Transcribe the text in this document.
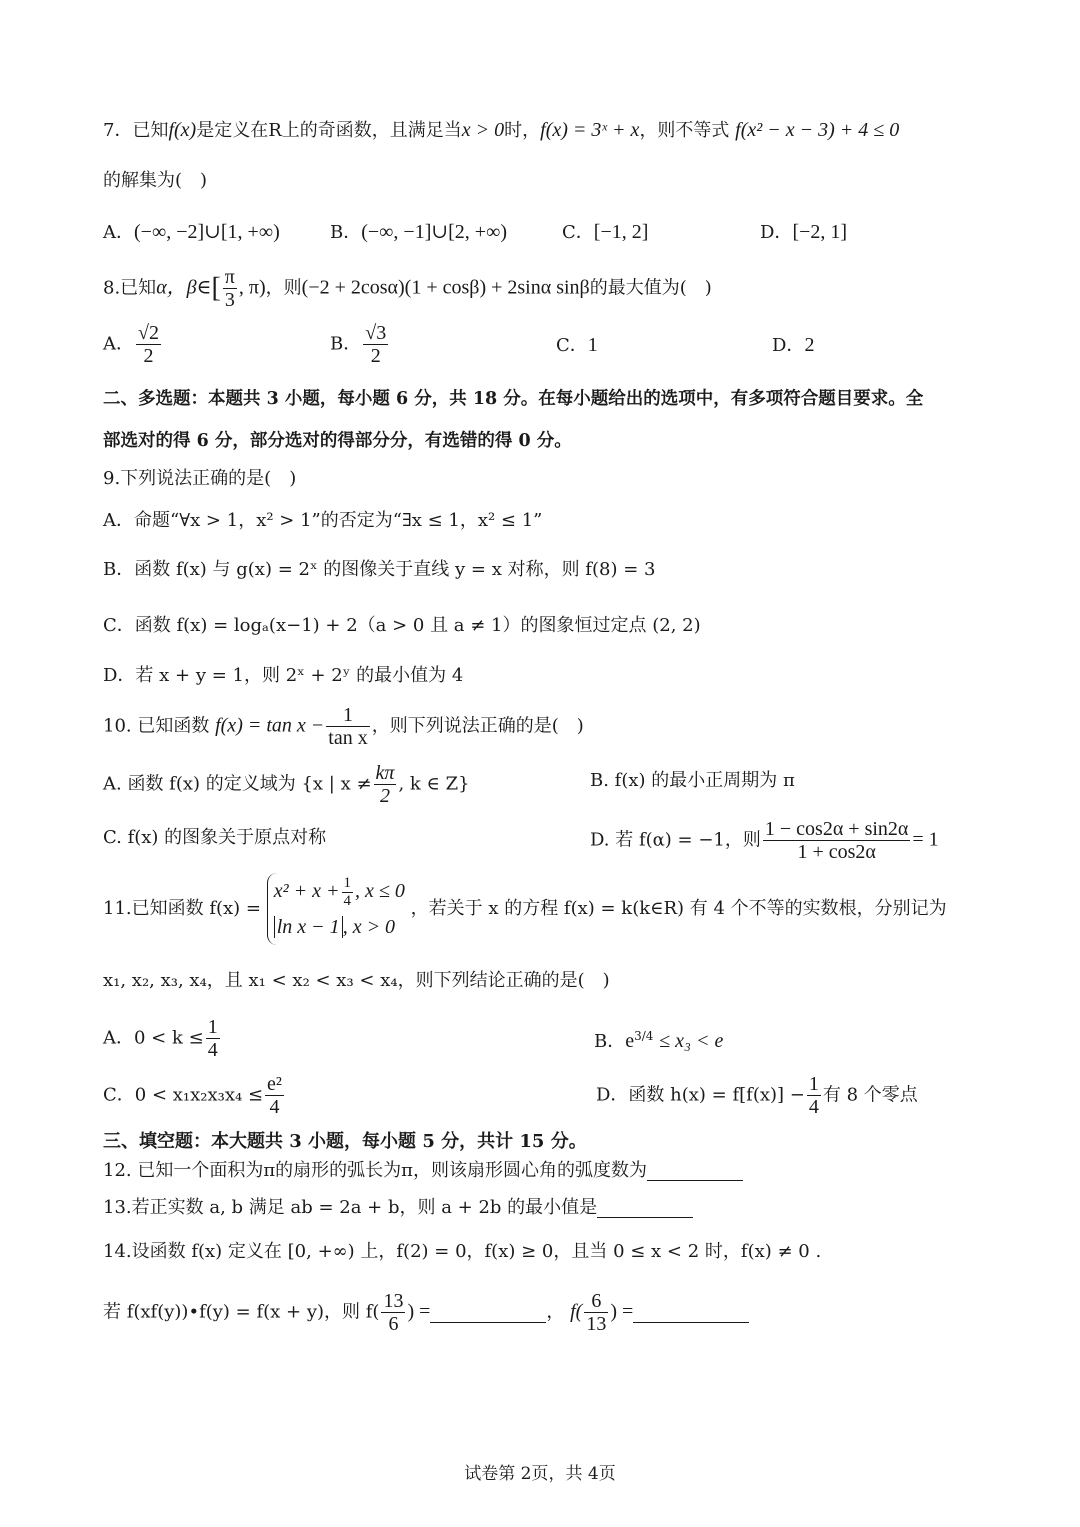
7．已知f(x)是定义在R上的奇函数，且满足当x > 0时，f(x) = 3ˣ + x，则不等式 f(x² − x − 3) + 4 ≤ 0
的解集为(　)
A．(−∞, −2]∪[1, +∞)	B．(−∞, −1]∪[2, +∞)	C．[−1, 2]	D．[−2, 1]
8.已知α，β∈[ $\frac{\pi}{3}$ , π)，则(−2 + 2cosα)(1 + cosβ) + 2sinα sinβ的最大值为(　)
A． $\frac{√2}{2}$	B． $\frac{√3}{2}$	C．1	D．2
二、多选题：本题共 3 小题，每小题 6 分，共 18 分。在每小题给出的选项中，有多项符合题目要求。全
部选对的得 6 分，部分选对的得部分分，有选错的得 0 分。
9.下列说法正确的是(　)
A．命题“∀x > 1，x² > 1”的否定为“∃x ≤ 1，x² ≤ 1”
B．函数 f(x) 与 g(x) = 2ˣ 的图像关于直线 y = x 对称，则 f(8) = 3
C．函数 f(x) = logₐ(x−1) + 2（a > 0 且 a ≠ 1）的图象恒过定点 (2, 2)
D．若 x + y = 1，则 2ˣ + 2ʸ 的最小值为 4
10. 已知函数 $f(x) = \tan x - \frac{1}{\text{tan x}}$ ，则下列说法正确的是(　)
A. 函数 f(x) 的定义域为 {x | $x \ne \frac{k\pi}{2}$ , k ∈ Z}	B. f(x) 的最小正周期为 π
C. f(x) 的图象关于原点对称	D. 若 f(α) = −1，则 $\frac{1 - \cos 2\alpha + \sin 2\alpha}{1 + \cos 2\alpha} = 1$
11.已知函数 f(x) =
$x^2 + x + \frac{1}{4}$ , x ≤ 0
ln x − 1 , x > 0
，若关于 x 的方程 f(x) = k(k∈R) 有 4 个不等的实数根，分别记为
x₁, x₂, x₃, x₄，且 x₁ < x₂ < x₃ < x₄，则下列结论正确的是(　)
A．$0 < k \le \frac{1}{4}$	B．$e^{3/4} \le x_3 < e$
C．$0 < x_1x_2x_3x_4 \le \frac{\text{e²}}{4}$	D．函数 $h(x) = f[f(x)] - \frac{1}{4}$ 有 8 个零点
三、填空题：本大题共 3 小题，每小题 5 分，共计 15 分。
12. 已知一个面积为π的扇形的弧长为π，则该扇形圆心角的弧度数为
13.若正实数 a, b 满足 ab = 2a + b，则 a + 2b 的最小值是
14.设函数 f(x) 定义在 [0, +∞) 上，f(2) = 0，f(x) ≥ 0，且当 0 ≤ x < 2 时，f(x) ≠ 0 .
若 f(xf(y))•f(y) = f(x + y)，则 $f( \frac{13}{6}$ ) =	， $f( \frac{6}{13}$ ) =
试卷第 2页，共 4页
